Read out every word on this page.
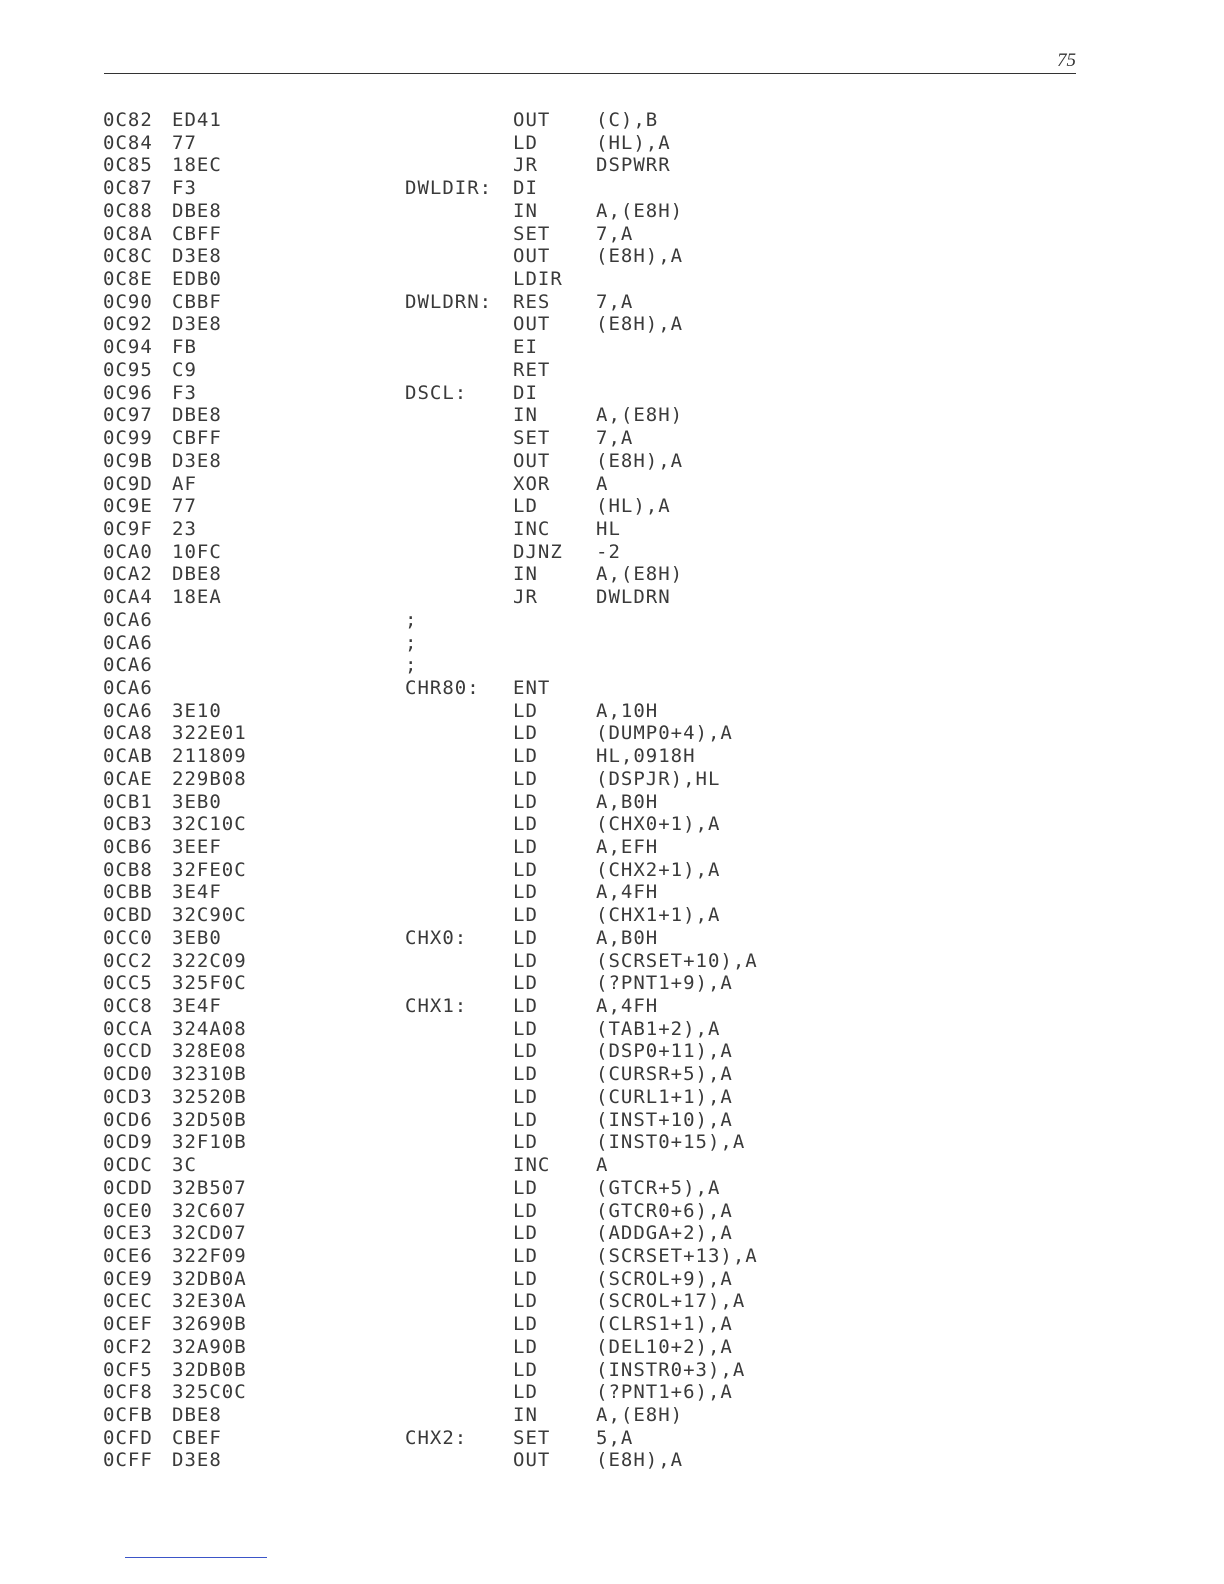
75
0C82 ED41	OUT (C),B
0C84 77	LD	(HL),A
0C85 18EC	JR	DSPWRR
0C87 F3	DWLDIR: DI
0C88 DBE8	IN	A,(E8H)
0C8A CBFF	SET 7,A
0C8C D3E8	OUT (E8H),A
0C8E EDB0	LDIR
0C90 CBBF	DWLDRN: RES 7,A
0C92 D3E8	OUT (E8H),A
0C94 FB	EI
0C95 C9	RET
0C96 F3	DSCL: DI
0C97 DBE8	IN	A,(E8H)
0C99 CBFF	SET 7,A
0C9B D3E8	OUT (E8H),A
0C9D AF	XOR A
0C9E 77	LD	(HL),A
0C9F 23	INC HL
0CA0 10FC	DJNZ -2
0CA2 DBE8	IN	A,(E8H)
0CA4 18EA	JR	DWLDRN
0CA6	;
0CA6	;
0CA6	;
0CA6	CHR80: ENT
0CA6 3E10	LD	A,10H
0CA8 322E01	LD	(DUMP0+4),A
0CAB 211809	LD	HL,0918H
0CAE 229B08	LD	(DSPJR),HL
0CB1 3EB0	LD	A,B0H
0CB3 32C10C	LD	(CHX0+1),A
0CB6 3EEF	LD	A,EFH
0CB8 32FE0C	LD	(CHX2+1),A
0CBB 3E4F	LD	A,4FH
0CBD 32C90C	LD	(CHX1+1),A
0CC0 3EB0	CHX0: LD	A,B0H
0CC2 322C09	LD	(SCRSET+10),A
0CC5 325F0C	LD	(?PNT1+9),A
0CC8 3E4F	CHX1: LD	A,4FH
0CCA 324A08	LD	(TAB1+2),A
0CCD 328E08	LD	(DSP0+11),A
0CD0 32310B	LD	(CURSR+5),A
0CD3 32520B	LD	(CURL1+1),A
0CD6 32D50B	LD	(INST+10),A
0CD9 32F10B	LD	(INST0+15),A
0CDC 3C	INC A
0CDD 32B507	LD	(GTCR+5),A
0CE0 32C607	LD	(GTCR0+6),A
0CE3 32CD07	LD	(ADDGA+2),A
0CE6 322F09	LD	(SCRSET+13),A
0CE9 32DB0A	LD	(SCROL+9),A
0CEC 32E30A	LD	(SCROL+17),A
0CEF 32690B	LD	(CLRS1+1),A
0CF2 32A90B	LD	(DEL10+2),A
0CF5 32DB0B	LD	(INSTR0+3),A
0CF8 325C0C	LD	(?PNT1+6),A
0CFB DBE8	IN	A,(E8H)
0CFD CBEF	CHX2: SET 5,A
0CFF D3E8	OUT (E8H),A
